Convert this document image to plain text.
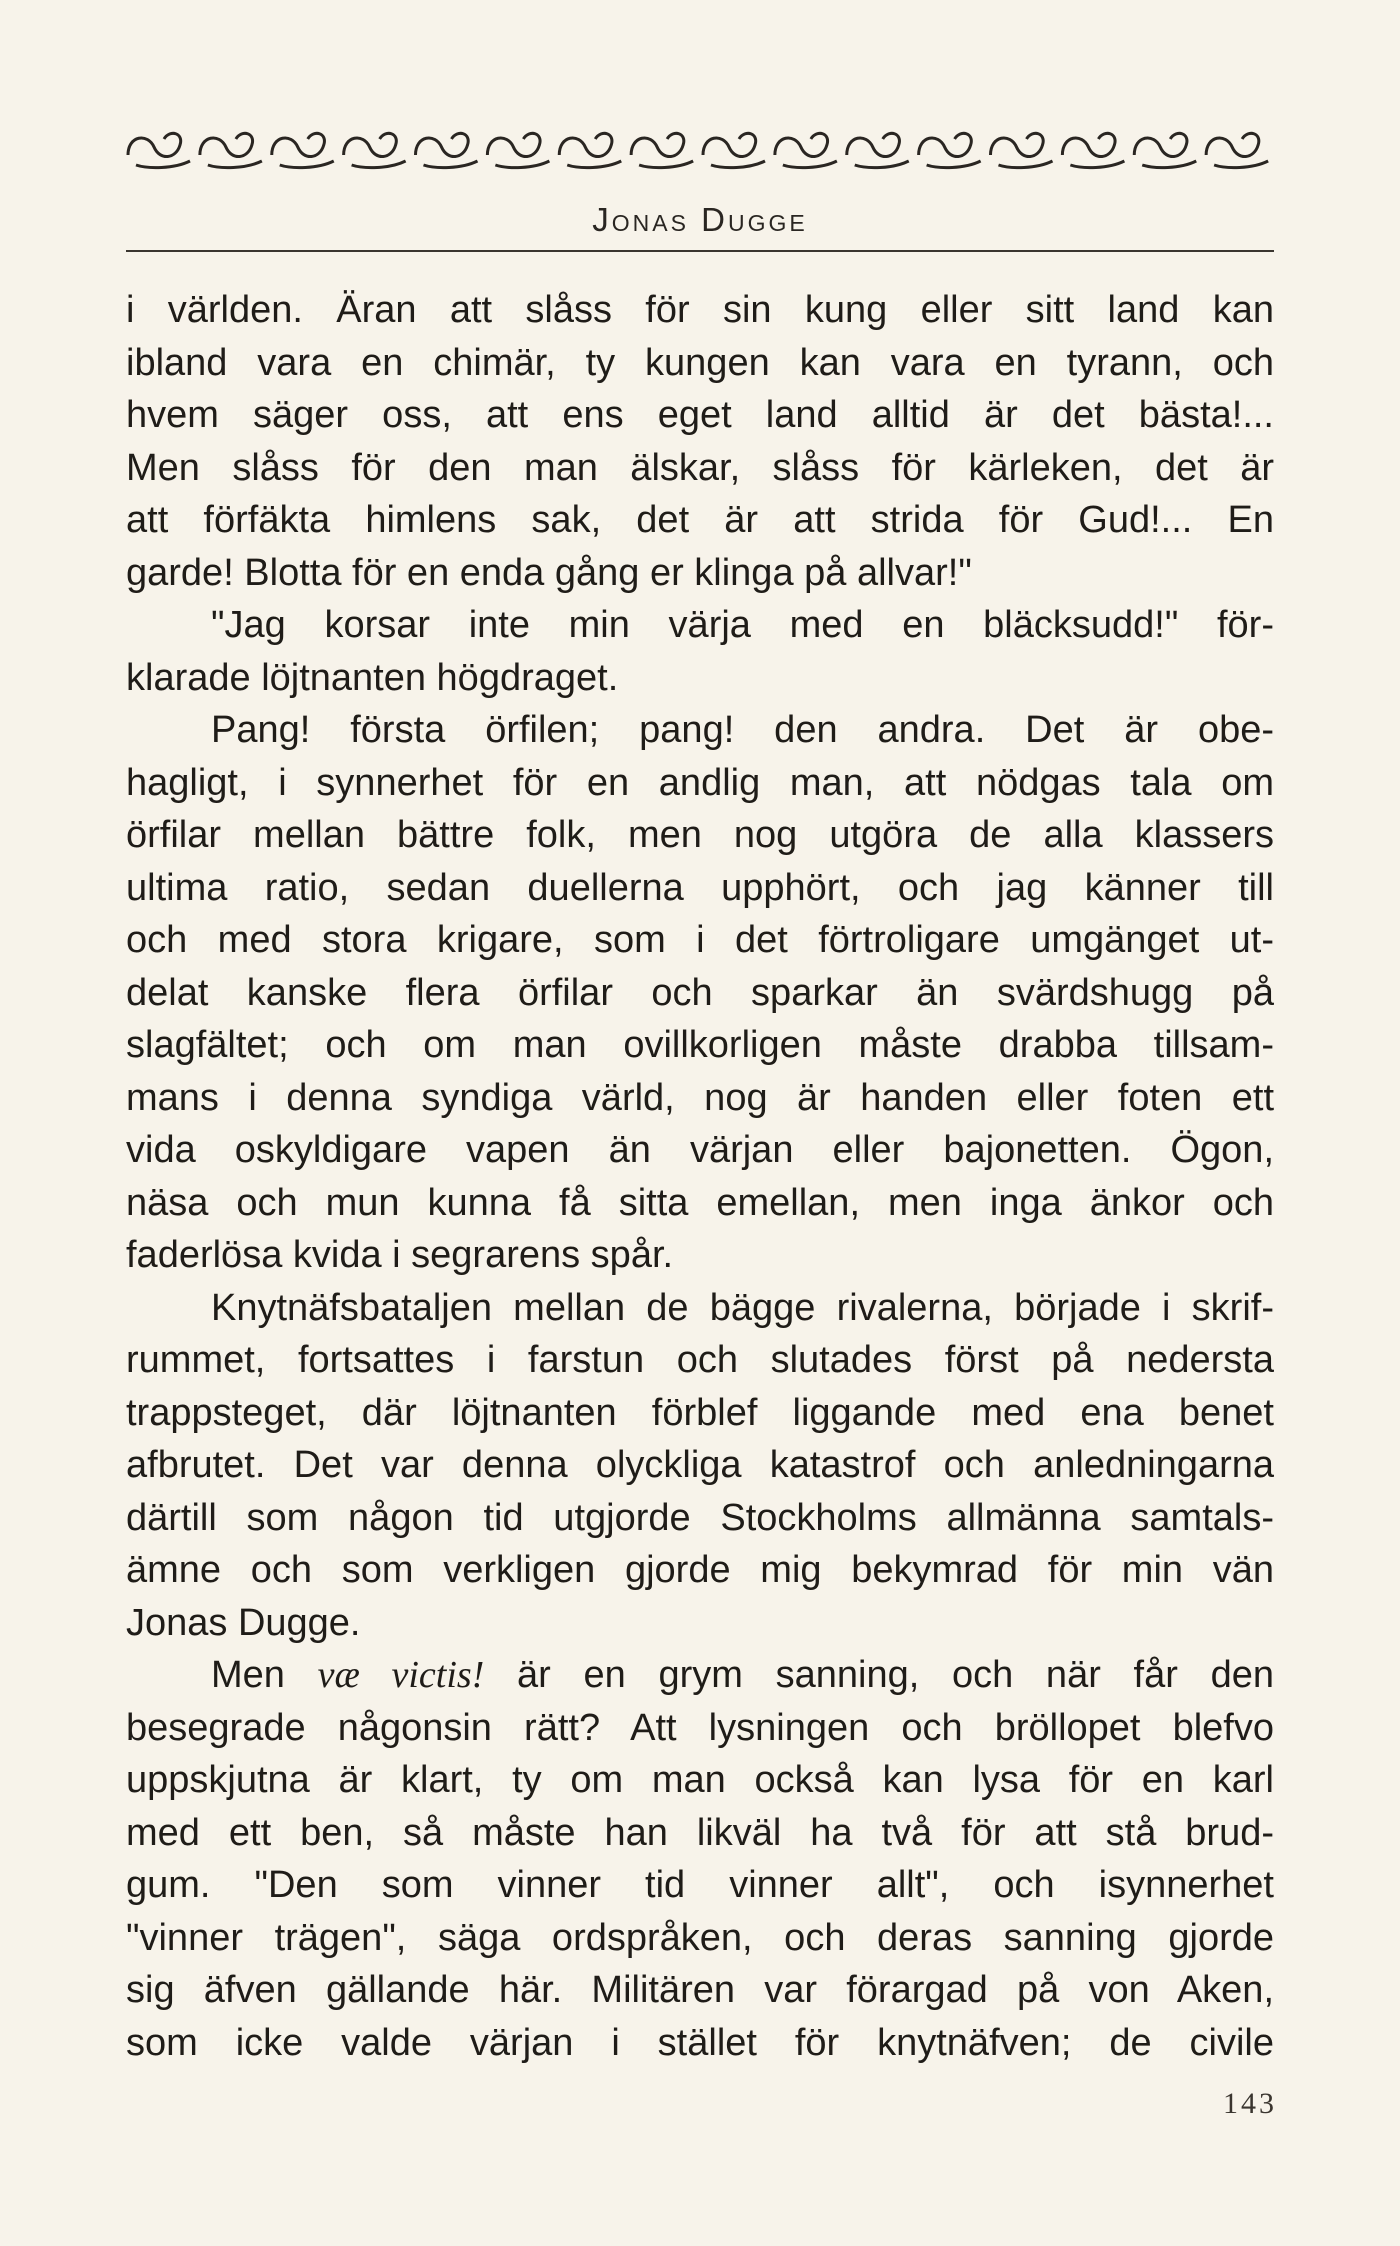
Jonas Dugge
i världen. Äran att slåss för sin kung eller sitt land kan
ibland vara en chimär, ty kungen kan vara en tyrann, och
hvem säger oss, att ens eget land alltid är det bästa!...
Men slåss för den man älskar, slåss för kärleken, det är
att förfäkta himlens sak, det är att strida för Gud!... En
garde! Blotta för en enda gång er klinga på allvar!"
"Jag korsar inte min värja med en bläcksudd!" för-
klarade löjtnanten högdraget.
Pang! första örfilen; pang! den andra. Det är obe-
hagligt, i synnerhet för en andlig man, att nödgas tala om
örfilar mellan bättre folk, men nog utgöra de alla klassers
ultima ratio, sedan duellerna upphört, och jag känner till
och med stora krigare, som i det förtroligare umgänget ut-
delat kanske flera örfilar och sparkar än svärdshugg på
slagfältet; och om man ovillkorligen måste drabba tillsam-
mans i denna syndiga värld, nog är handen eller foten ett
vida oskyldigare vapen än värjan eller bajonetten. Ögon,
näsa och mun kunna få sitta emellan, men inga änkor och
faderlösa kvida i segrarens spår.
Knytnäfsbataljen mellan de bägge rivalerna, började i skrif-
rummet, fortsattes i farstun och slutades först på nedersta
trappsteget, där löjtnanten förblef liggande med ena benet
afbrutet. Det var denna olyckliga katastrof och anledningarna
därtill som någon tid utgjorde Stockholms allmänna samtals-
ämne och som verkligen gjorde mig bekymrad för min vän
Jonas Dugge.
Men væ victis! är en grym sanning, och när får den
besegrade någonsin rätt? Att lysningen och bröllopet blefvo
uppskjutna är klart, ty om man också kan lysa för en karl
med ett ben, så måste han likväl ha två för att stå brud-
gum. "Den som vinner tid vinner allt", och isynnerhet
"vinner trägen", säga ordspråken, och deras sanning gjorde
sig äfven gällande här. Militären var förargad på von Aken,
som icke valde värjan i stället för knytnäfven; de civile
143
